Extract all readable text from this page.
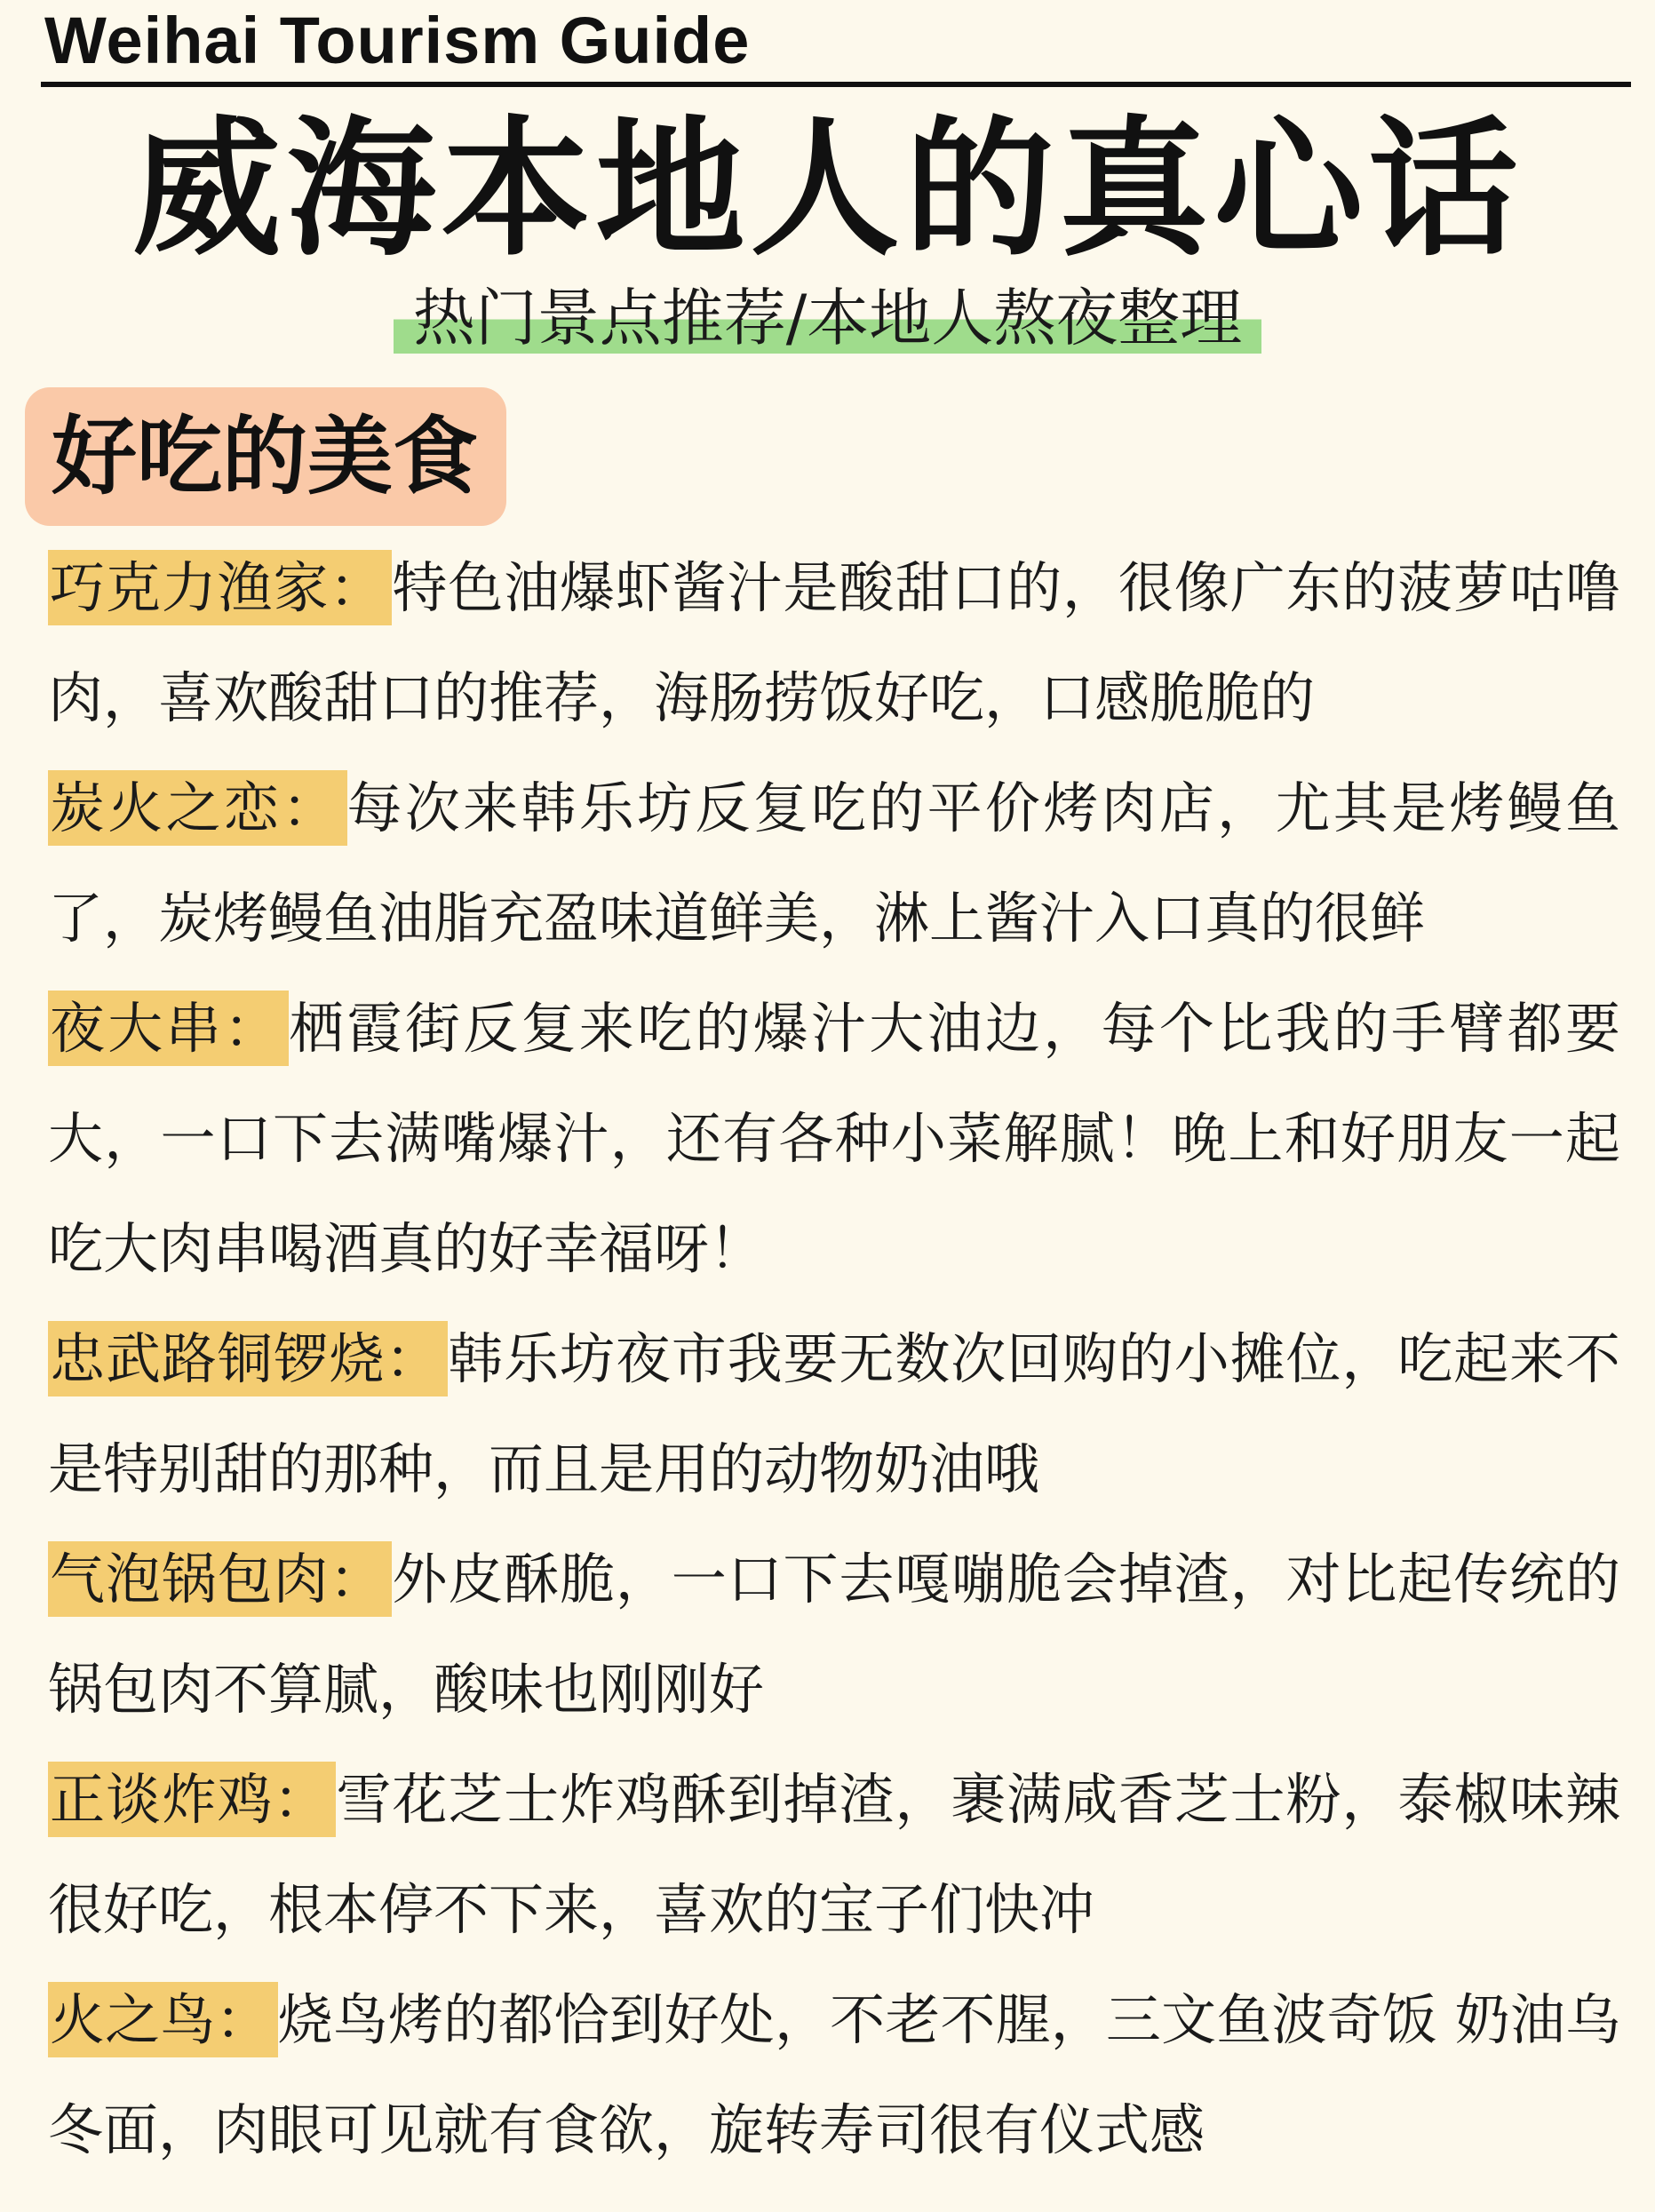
Weihai Tourism Guide
威海本地人的真心话
热门景点推荐/本地人熬夜整理
好吃的美食

巧克力渔家： 特色油爆虾酱汁是酸甜口的，很像广东的菠萝咕噜肉，喜欢酸甜口的推荐，海肠捞饭好吃，口感脆脆的

炭火之恋： 每次来韩乐坊反复吃的平价烤肉店，尤其是烤鳗鱼了，炭烤鳗鱼油脂充盈味道鲜美，淋上酱汁入口真的很鲜

夜大串： 栖霞街反复来吃的爆汁大油边，每个比我的手臂都要大，一口下去满嘴爆汁，还有各种小菜解腻！晚上和好朋友一起吃大肉串喝酒真的好幸福呀！

忠武路铜锣烧： 韩乐坊夜市我要无数次回购的小摊位，吃起来不是特别甜的那种，而且是用的动物奶油哦

气泡锅包肉： 外皮酥脆，一口下去嘎嘣脆会掉渣，对比起传统的锅包肉不算腻，酸味也刚刚好

正谈炸鸡： 雪花芝士炸鸡酥到掉渣，裹满咸香芝士粉，泰椒味辣很好吃，根本停不下来，喜欢的宝子们快冲

火之鸟： 烧鸟烤的都恰到好处，不老不腥，三文鱼波奇饭 奶油乌冬面，肉眼可见就有食欲，旋转寿司很有仪式感
